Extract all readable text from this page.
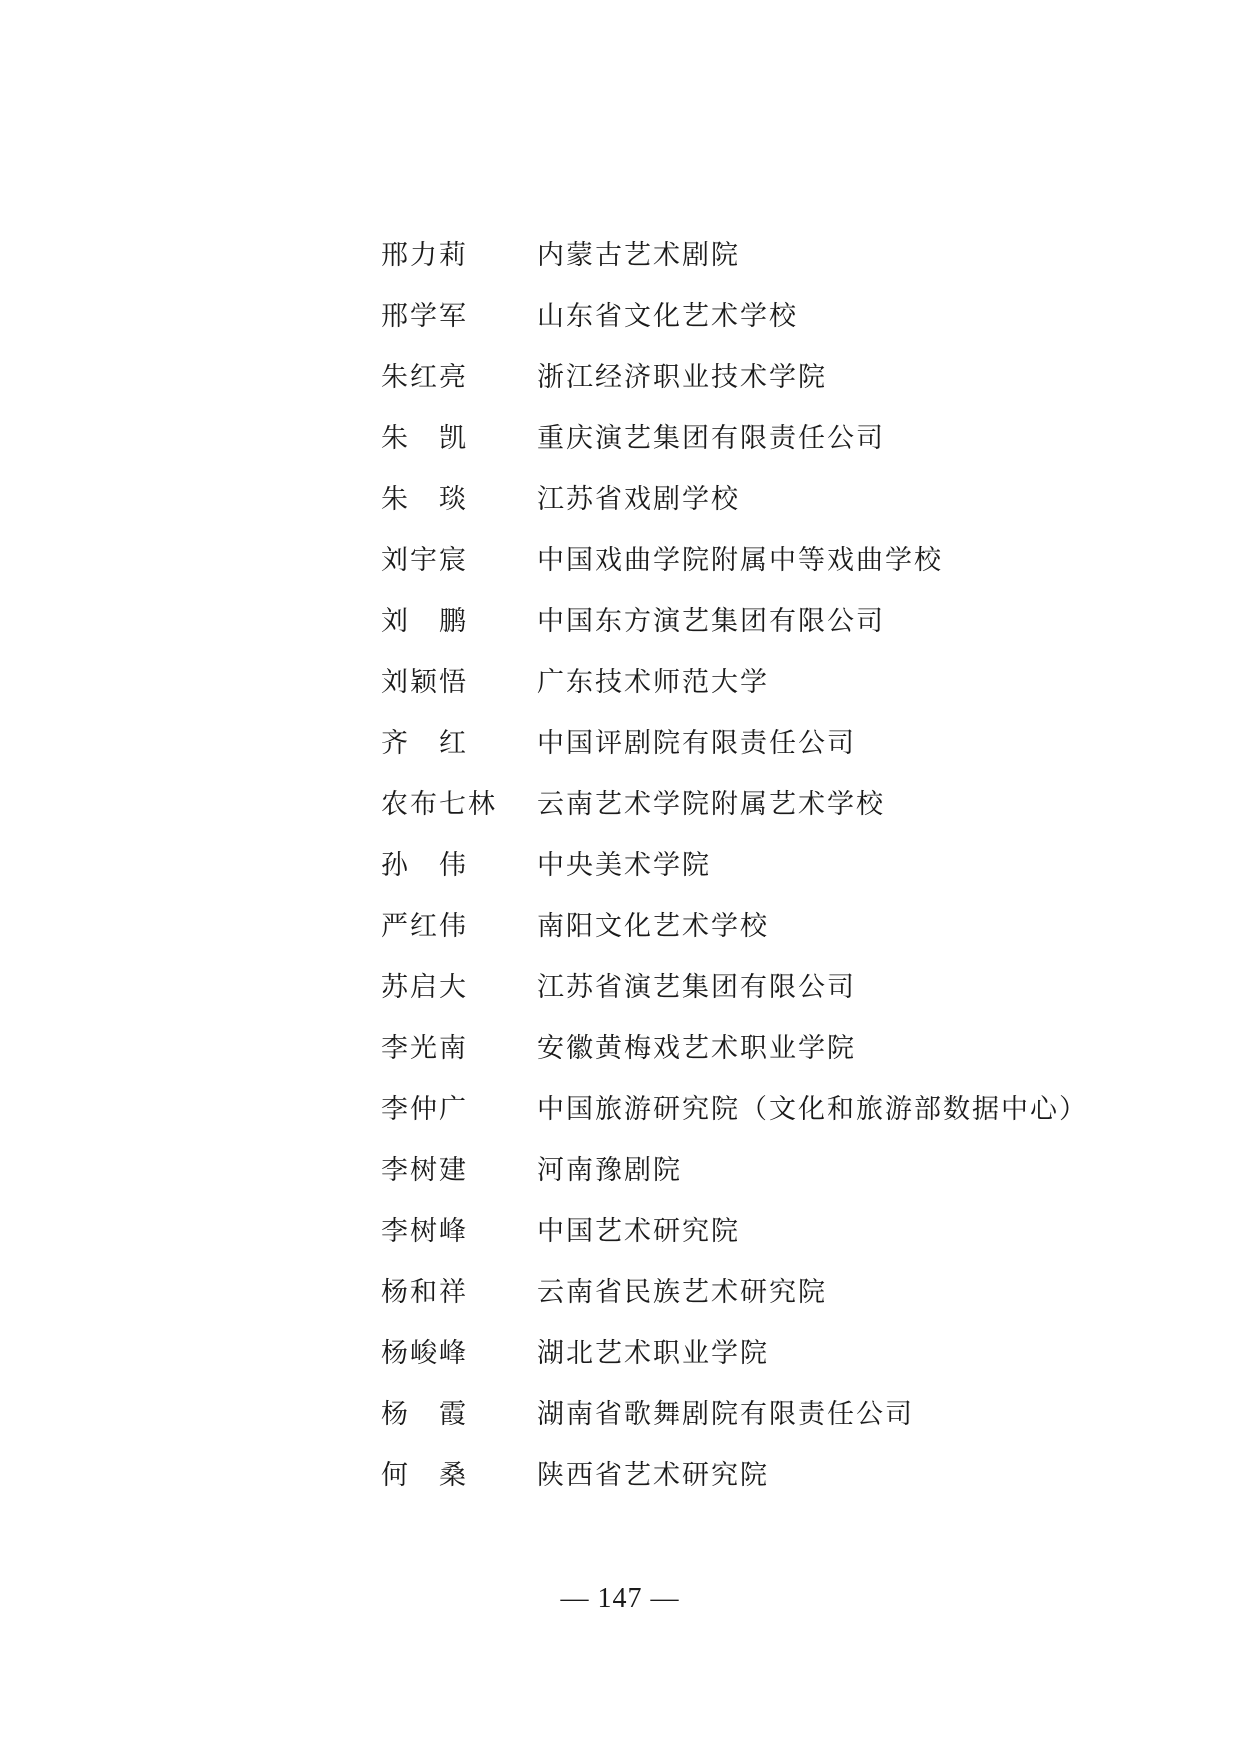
邢力莉	内蒙古艺术剧院
邢学军	山东省文化艺术学校
朱红亮	浙江经济职业技术学院
朱　凯	重庆演艺集团有限责任公司
朱　琰	江苏省戏剧学校
刘宇宸	中国戏曲学院附属中等戏曲学校
刘　鹏	中国东方演艺集团有限公司
刘颖悟	广东技术师范大学
齐　红	中国评剧院有限责任公司
农布七林	云南艺术学院附属艺术学校
孙　伟	中央美术学院
严红伟	南阳文化艺术学校
苏启大	江苏省演艺集团有限公司
李光南	安徽黄梅戏艺术职业学院
李仲广	中国旅游研究院（文化和旅游部数据中心）
李树建	河南豫剧院
李树峰	中国艺术研究院
杨和祥	云南省民族艺术研究院
杨峻峰	湖北艺术职业学院
杨　霞	湖南省歌舞剧院有限责任公司
何　桑	陕西省艺术研究院
— 147 —
